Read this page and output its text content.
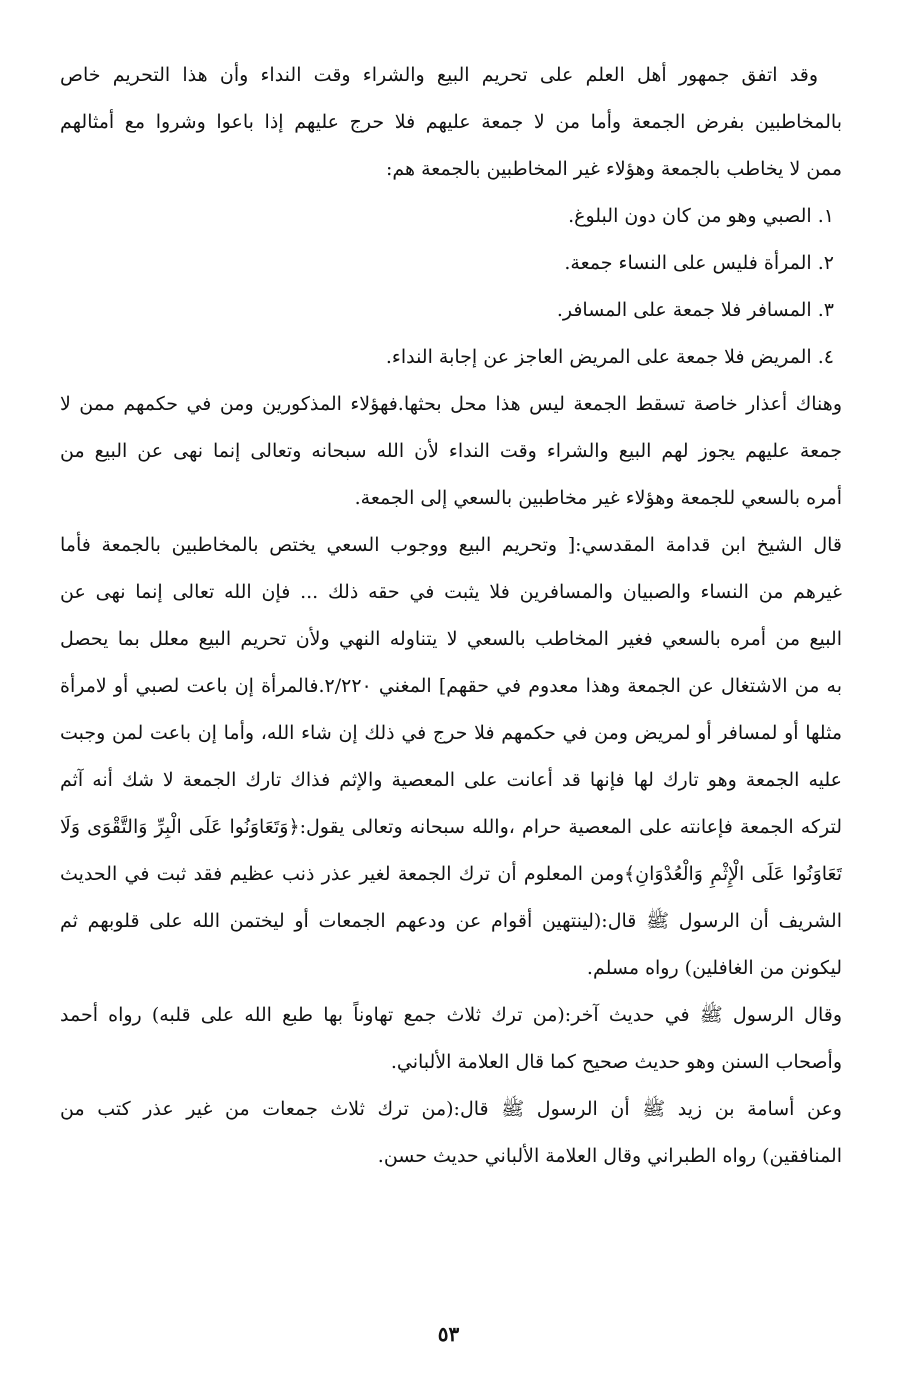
وقد اتفق جمهور أهل العلم على تحريم البيع والشراء وقت النداء وأن هذا التحريم خاص
بالمخاطبين بفرض الجمعة وأما من لا جمعة عليهم فلا حرج عليهم إذا باعوا وشروا مع أمثالهم
ممن لا يخاطب بالجمعة وهؤلاء غير المخاطبين بالجمعة هم:
١. الصبي وهو من كان دون البلوغ.
٢. المرأة فليس على النساء جمعة.
٣. المسافر فلا جمعة على المسافر.
٤. المريض فلا جمعة على المريض العاجز عن إجابة النداء.
وهناك أعذار خاصة تسقط الجمعة ليس هذا محل بحثها.فهؤلاء المذكورين ومن في حكمهم ممن لا
جمعة عليهم يجوز لهم البيع والشراء وقت النداء لأن الله سبحانه وتعالى إنما نهى عن البيع من
أمره بالسعي للجمعة وهؤلاء غير مخاطبين بالسعي إلى الجمعة.
قال الشيخ ابن قدامة المقدسي:[ وتحريم البيع ووجوب السعي يختص بالمخاطبين بالجمعة فأما
غيرهم من النساء والصبيان والمسافرين فلا يثبت في حقه ذلك ... فإن الله تعالى إنما نهى عن
البيع من أمره بالسعي فغير المخاطب بالسعي لا يتناوله النهي ولأن تحريم البيع معلل بما يحصل
به من الاشتغال عن الجمعة وهذا معدوم في حقهم] المغني ٢/٢٢٠.فالمرأة إن باعت لصبي أو لامرأة
مثلها أو لمسافر أو لمريض ومن في حكمهم فلا حرج في ذلك إن شاء الله، وأما إن باعت لمن وجبت
عليه الجمعة وهو تارك لها فإنها قد أعانت على المعصية والإثم فذاك تارك الجمعة لا شك أنه آثم
لتركه الجمعة فإعانته على المعصية حرام ،والله سبحانه وتعالى يقول:﴿وَتَعَاوَنُوا عَلَى الْبِرِّ وَالتَّقْوَى وَلَا
تَعَاوَنُوا عَلَى الْإِثْمِ وَالْعُدْوَانِ﴾ومن المعلوم أن ترك الجمعة لغير عذر ذنب عظيم فقد ثبت في الحديث
الشريف أن الرسول ﷺ قال:(لينتهين أقوام عن ودعهم الجمعات أو ليختمن الله على قلوبهم ثم
ليكونن من الغافلين) رواه مسلم.
وقال الرسول ﷺ في حديث آخر:(من ترك ثلاث جمع تهاوناً بها طبع الله على قلبه) رواه أحمد
وأصحاب السنن وهو حديث صحيح كما قال العلامة الألباني.
وعن أسامة بن زيد ﷺ أن الرسول ﷺ قال:(من ترك ثلاث جمعات من غير عذر كتب من
المنافقين) رواه الطبراني وقال العلامة الألباني حديث حسن.
٥٣
